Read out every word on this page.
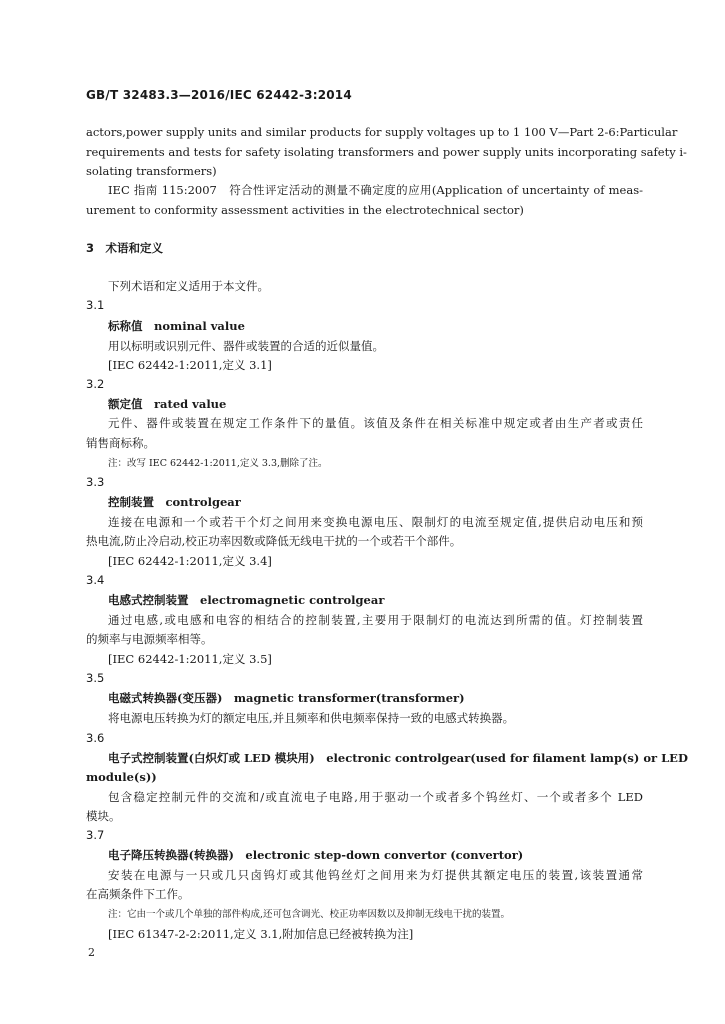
GB/T 32483.3—2016/IEC 62442-3:2014
actors,power supply units and similar products for supply voltages up to 1 100 V—Part 2-6:Particular
requirements and tests for safety isolating transformers and power supply units incorporating safety i-
solating transformers)
IEC 指南 115:2007　符合性评定活动的测量不确定度的应用(Application of uncertainty of meas-
urement to conformity assessment activities in the electrotechnical sector)
3　术语和定义
下列术语和定义适用于本文件。
3.1
标称值　nominal value
用以标明或识别元件、器件或装置的合适的近似量值。
[IEC 62442-1:2011,定义 3.1]
3.2
额定值　rated value
元件、器件或装置在规定工作条件下的量值。该值及条件在相关标准中规定或者由生产者或责任
销售商标称。
注：改写 IEC 62442-1:2011,定义 3.3,删除了注。
3.3
控制装置　controlgear
连接在电源和一个或若干个灯之间用来变换电源电压、限制灯的电流至规定值,提供启动电压和预
热电流,防止冷启动,校正功率因数或降低无线电干扰的一个或若干个部件。
[IEC 62442-1:2011,定义 3.4]
3.4
电感式控制装置　electromagnetic controlgear
通过电感,或电感和电容的相结合的控制装置,主要用于限制灯的电流达到所需的值。灯控制装置
的频率与电源频率相等。
[IEC 62442-1:2011,定义 3.5]
3.5
电磁式转换器(变压器)　magnetic transformer(transformer)
将电源电压转换为灯的额定电压,并且频率和供电频率保持一致的电感式转换器。
3.6
电子式控制装置(白炽灯或 LED 模块用)　electronic controlgear(used for filament lamp(s) or LED
module(s))
包含稳定控制元件的交流和/或直流电子电路,用于驱动一个或者多个钨丝灯、一个或者多个 LED
模块。
3.7
电子降压转换器(转换器)　electronic step-down convertor (convertor)
安装在电源与一只或几只卤钨灯或其他钨丝灯之间用来为灯提供其额定电压的装置,该装置通常
在高频条件下工作。
注：它由一个或几个单独的部件构成,还可包含调光、校正功率因数以及抑制无线电干扰的装置。
[IEC 61347-2-2:2011,定义 3.1,附加信息已经被转换为注]
2
